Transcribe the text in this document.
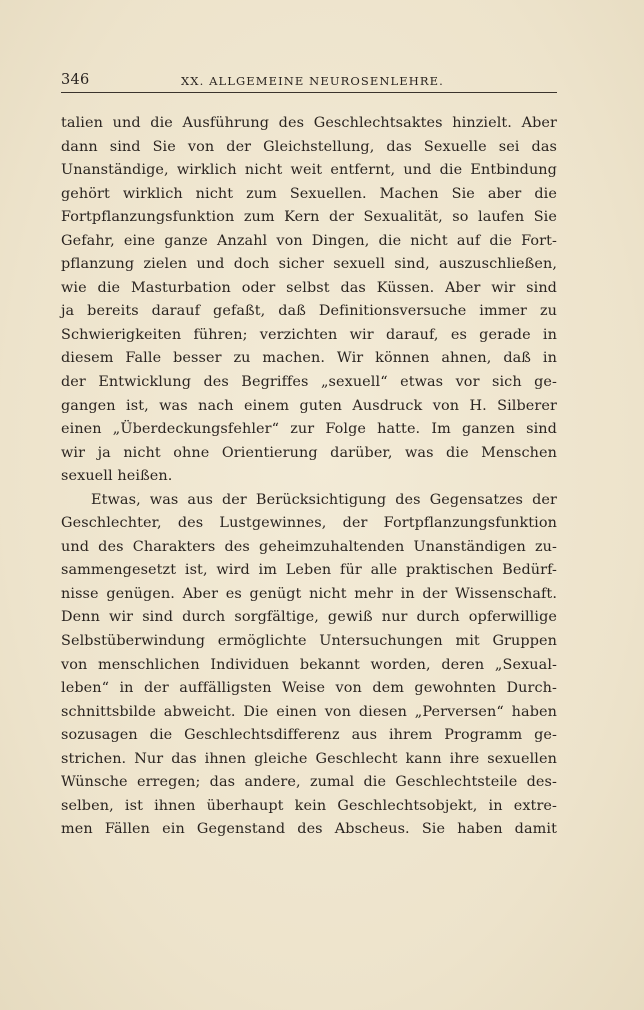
346	XX. ALLGEMEINE NEUROSENLEHRE.
talien und die Ausführung des Geschlechtsaktes hinzielt. Aber
dann sind Sie von der Gleichstellung, das Sexuelle sei das
Unanständige, wirklich nicht weit entfernt, und die Entbindung
gehört wirklich nicht zum Sexuellen. Machen Sie aber die
Fortpflanzungsfunktion zum Kern der Sexualität, so laufen Sie
Gefahr, eine ganze Anzahl von Dingen, die nicht auf die Fort-
pflanzung zielen und doch sicher sexuell sind, auszuschließen,
wie die Masturbation oder selbst das Küssen. Aber wir sind
ja bereits darauf gefaßt, daß Definitionsversuche immer zu
Schwierigkeiten führen; verzichten wir darauf, es gerade in
diesem Falle besser zu machen. Wir können ahnen, daß in
der Entwicklung des Begriffes „sexuell“ etwas vor sich ge-
gangen ist, was nach einem guten Ausdruck von H. Silberer
einen „Überdeckungsfehler“ zur Folge hatte. Im ganzen sind
wir ja nicht ohne Orientierung darüber, was die Menschen
sexuell heißen.
Etwas, was aus der Berücksichtigung des Gegensatzes der
Geschlechter, des Lustgewinnes, der Fortpflanzungsfunktion
und des Charakters des geheimzuhaltenden Unanständigen zu-
sammengesetzt ist, wird im Leben für alle praktischen Bedürf-
nisse genügen. Aber es genügt nicht mehr in der Wissenschaft.
Denn wir sind durch sorgfältige, gewiß nur durch opferwillige
Selbstüberwindung ermöglichte Untersuchungen mit Gruppen
von menschlichen Individuen bekannt worden, deren „Sexual-
leben“ in der auffälligsten Weise von dem gewohnten Durch-
schnittsbilde abweicht. Die einen von diesen „Perversen“ haben
sozusagen die Geschlechtsdifferenz aus ihrem Programm ge-
strichen. Nur das ihnen gleiche Geschlecht kann ihre sexuellen
Wünsche erregen; das andere, zumal die Geschlechtsteile des-
selben, ist ihnen überhaupt kein Geschlechtsobjekt, in extre-
men Fällen ein Gegenstand des Abscheus. Sie haben damit
